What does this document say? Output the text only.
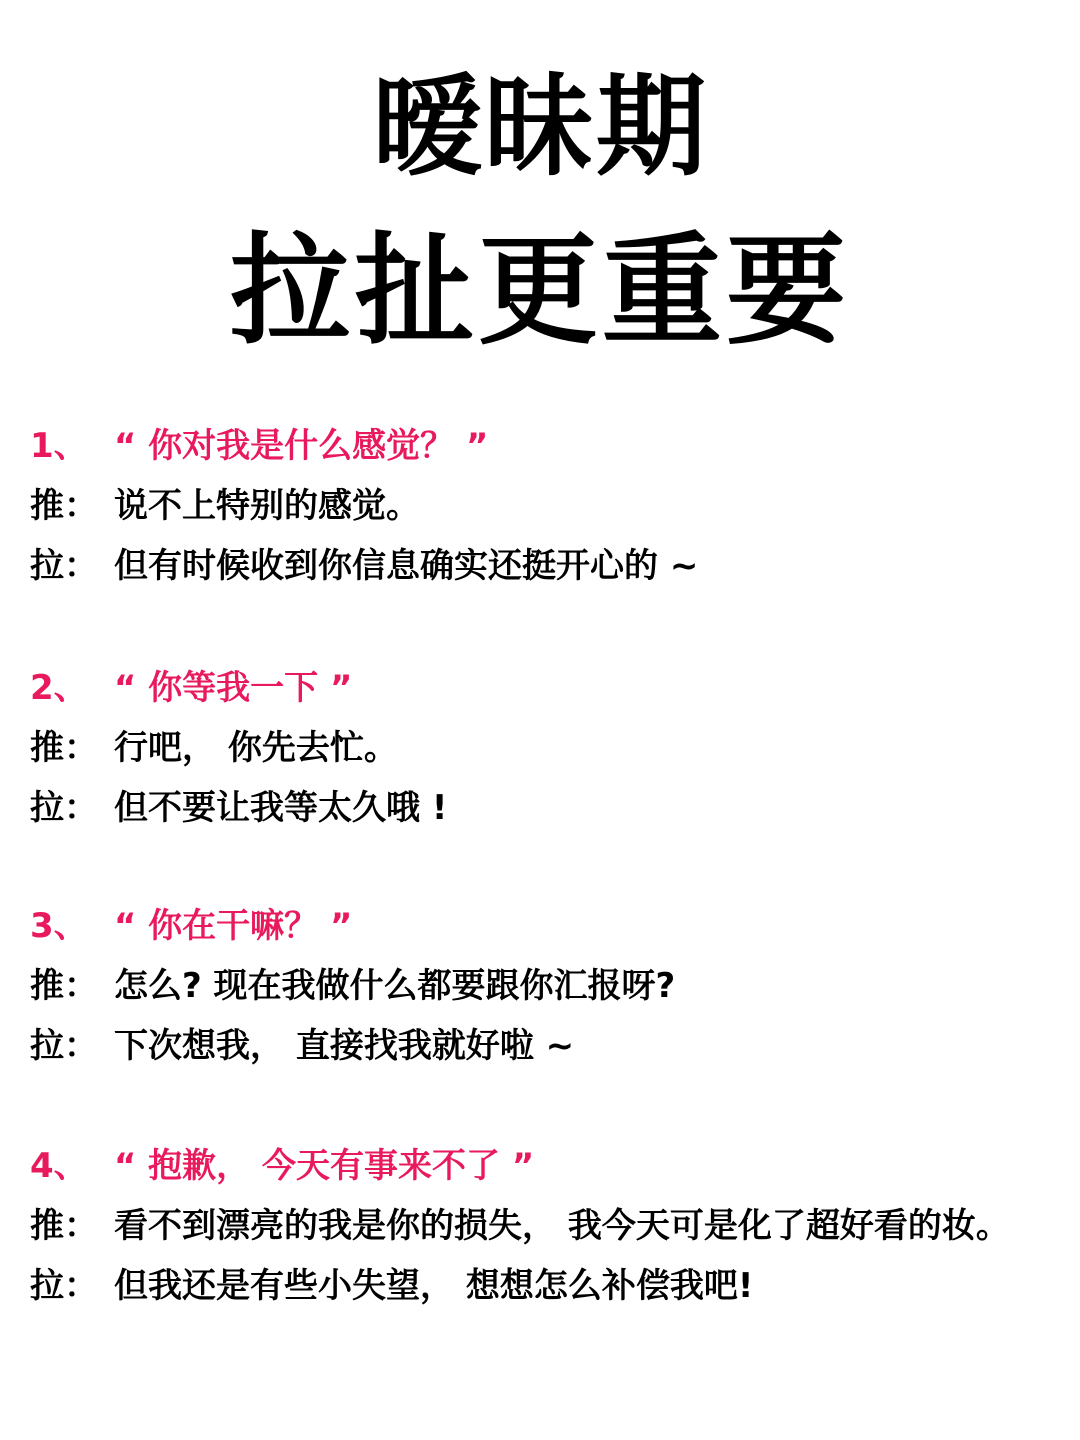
暧昧期
拉扯更重要
1、 “ 你对我是什么感觉？ ”
推： 说不上特别的感觉。
拉： 但有时候收到你信息确实还挺开心的 ~
2、 “ 你等我一下 ”
推： 行吧， 你先去忙。
拉： 但不要让我等太久哦 !
3、 “ 你在干嘛？ ”
推： 怎么? 现在我做什么都要跟你汇报呀?
拉： 下次想我， 直接找我就好啦 ~
4、 “ 抱歉， 今天有事来不了 ”
推： 看不到漂亮的我是你的损失， 我今天可是化了超好看的妆。
拉： 但我还是有些小失望， 想想怎么补偿我吧!
